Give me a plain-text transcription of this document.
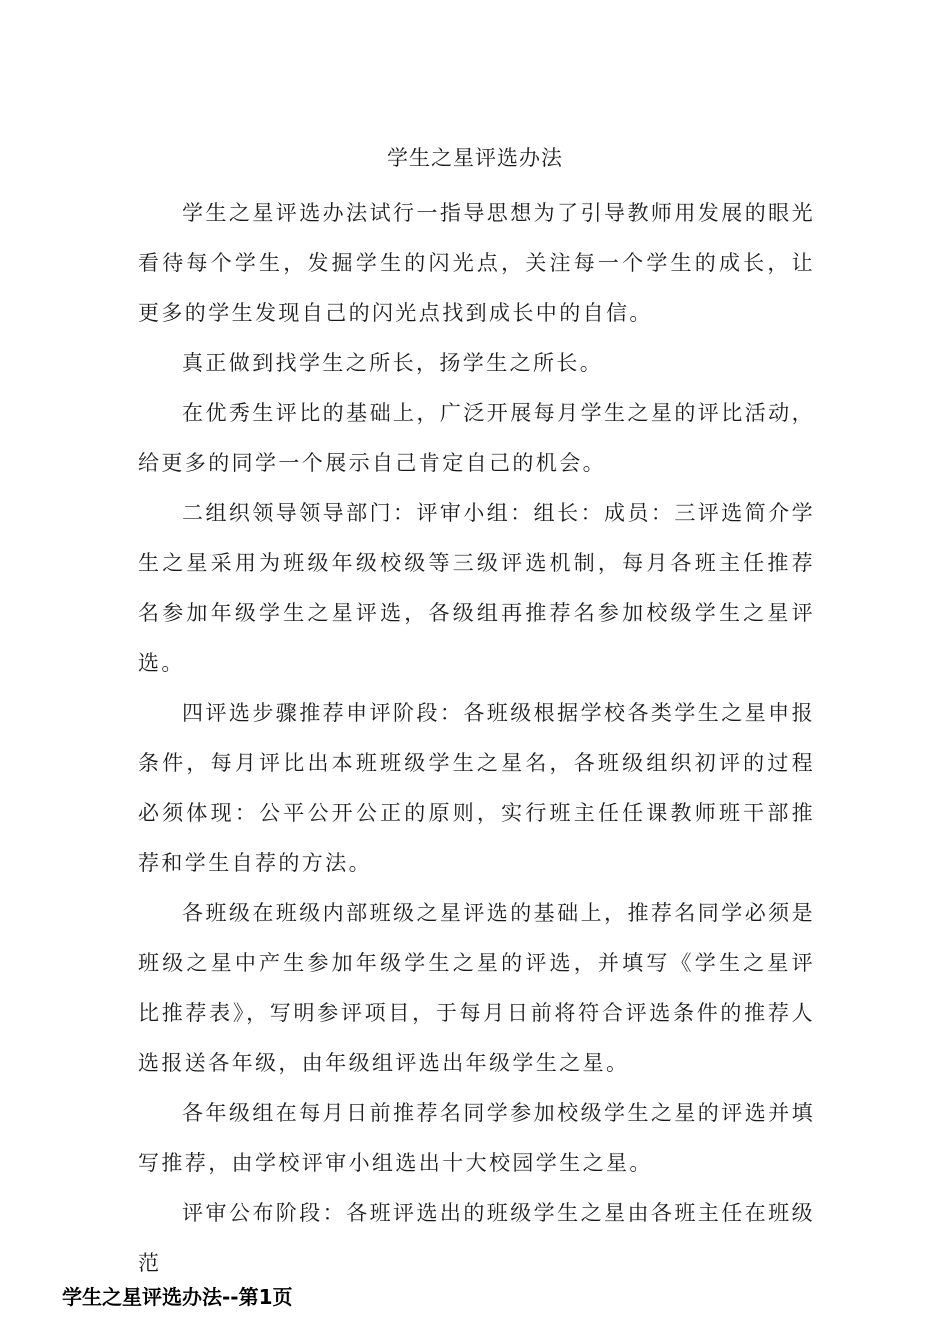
学生之星评选办法

学生之星评选办法试行一指导思想为了引导教师用发展的眼光看待每个学生，发掘学生的闪光点，关注每一个学生的成长，让更多的学生发现自己的闪光点找到成长中的自信。

真正做到找学生之所长，扬学生之所长。

在优秀生评比的基础上，广泛开展每月学生之星的评比活动，给更多的同学一个展示自己肯定自己的机会。

二组织领导领导部门：评审小组：组长：成员：三评选简介学生之星采用为班级年级校级等三级评选机制，每月各班主任推荐名参加年级学生之星评选，各级组再推荐名参加校级学生之星评选。

四评选步骤推荐申评阶段：各班级根据学校各类学生之星申报条件，每月评比出本班班级学生之星名，各班级组织初评的过程必须体现：公平公开公正的原则，实行班主任任课教师班干部推荐和学生自荐的方法。

各班级在班级内部班级之星评选的基础上，推荐名同学必须是班级之星中产生参加年级学生之星的评选，并填写《学生之星评比推荐表》，写明参评项目，于每月日前将符合评选条件的推荐人选报送各年级，由年级组评选出年级学生之星。

各年级组在每月日前推荐名同学参加校级学生之星的评选并填写推荐，由学校评审小组选出十大校园学生之星。

评审公布阶段：各班评选出的班级学生之星由各班主任在班级范

学生之星评选办法--第1页
